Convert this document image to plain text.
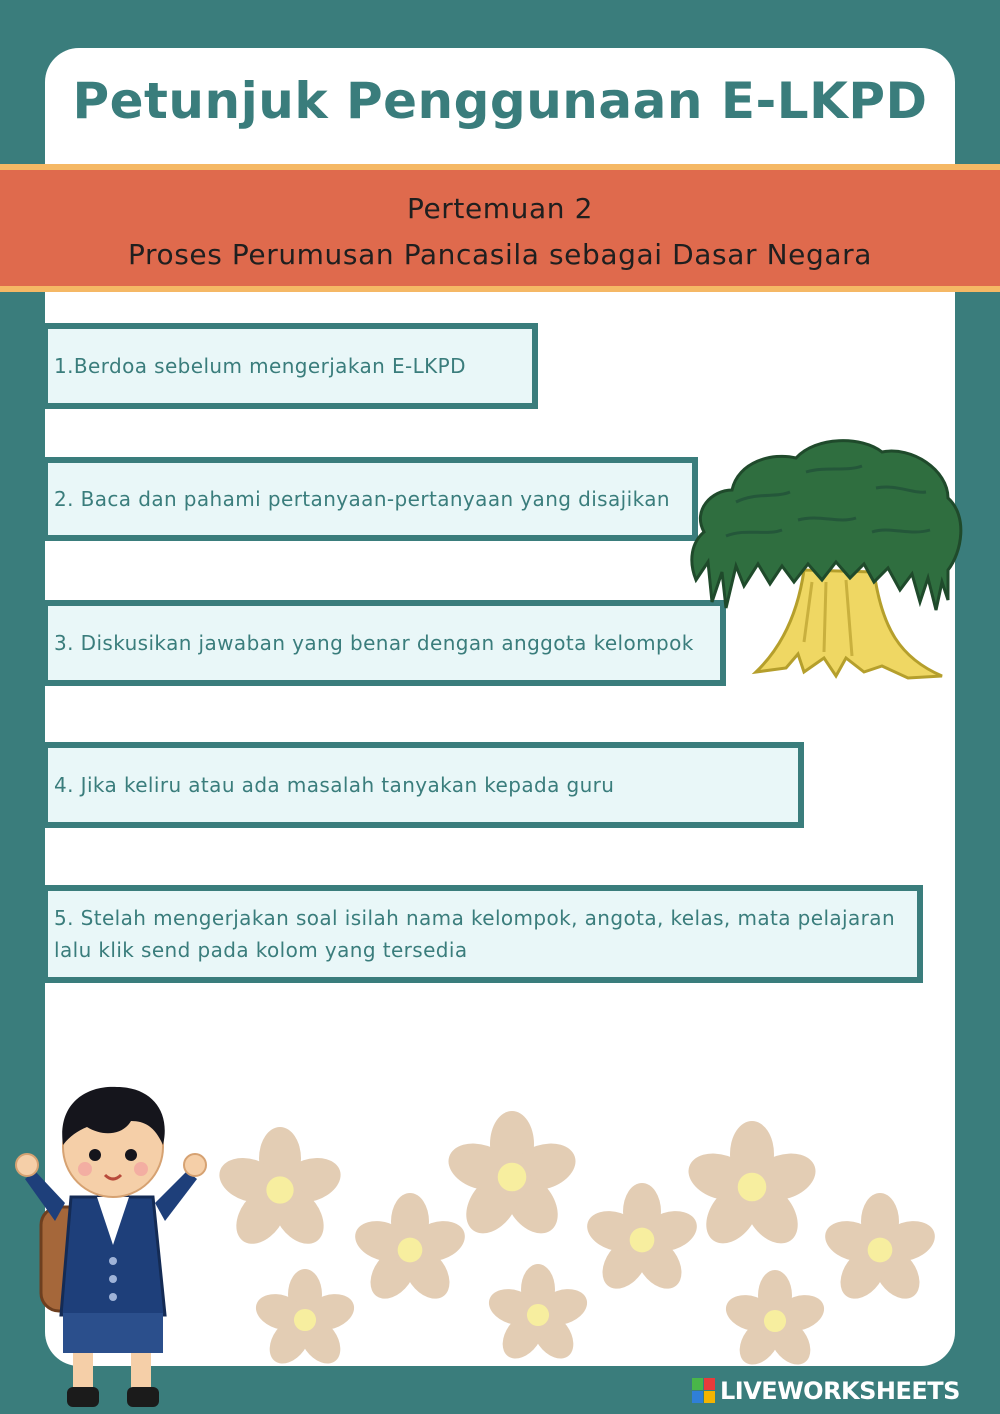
Petunjuk Penggunaan E-LKPD
Pertemuan 2
Proses Perumusan Pancasila sebagai Dasar Negara
1.Berdoa sebelum mengerjakan E-LKPD
2. Baca dan pahami pertanyaan-pertanyaan yang disajikan
3. Diskusikan jawaban yang benar dengan anggota kelompok
4. Jika keliru atau ada masalah tanyakan kepada guru
5. Stelah mengerjakan soal isilah nama kelompok, angota, kelas, mata pelajaran
lalu klik send pada kolom yang tersedia
LIVEWORKSHEETS
